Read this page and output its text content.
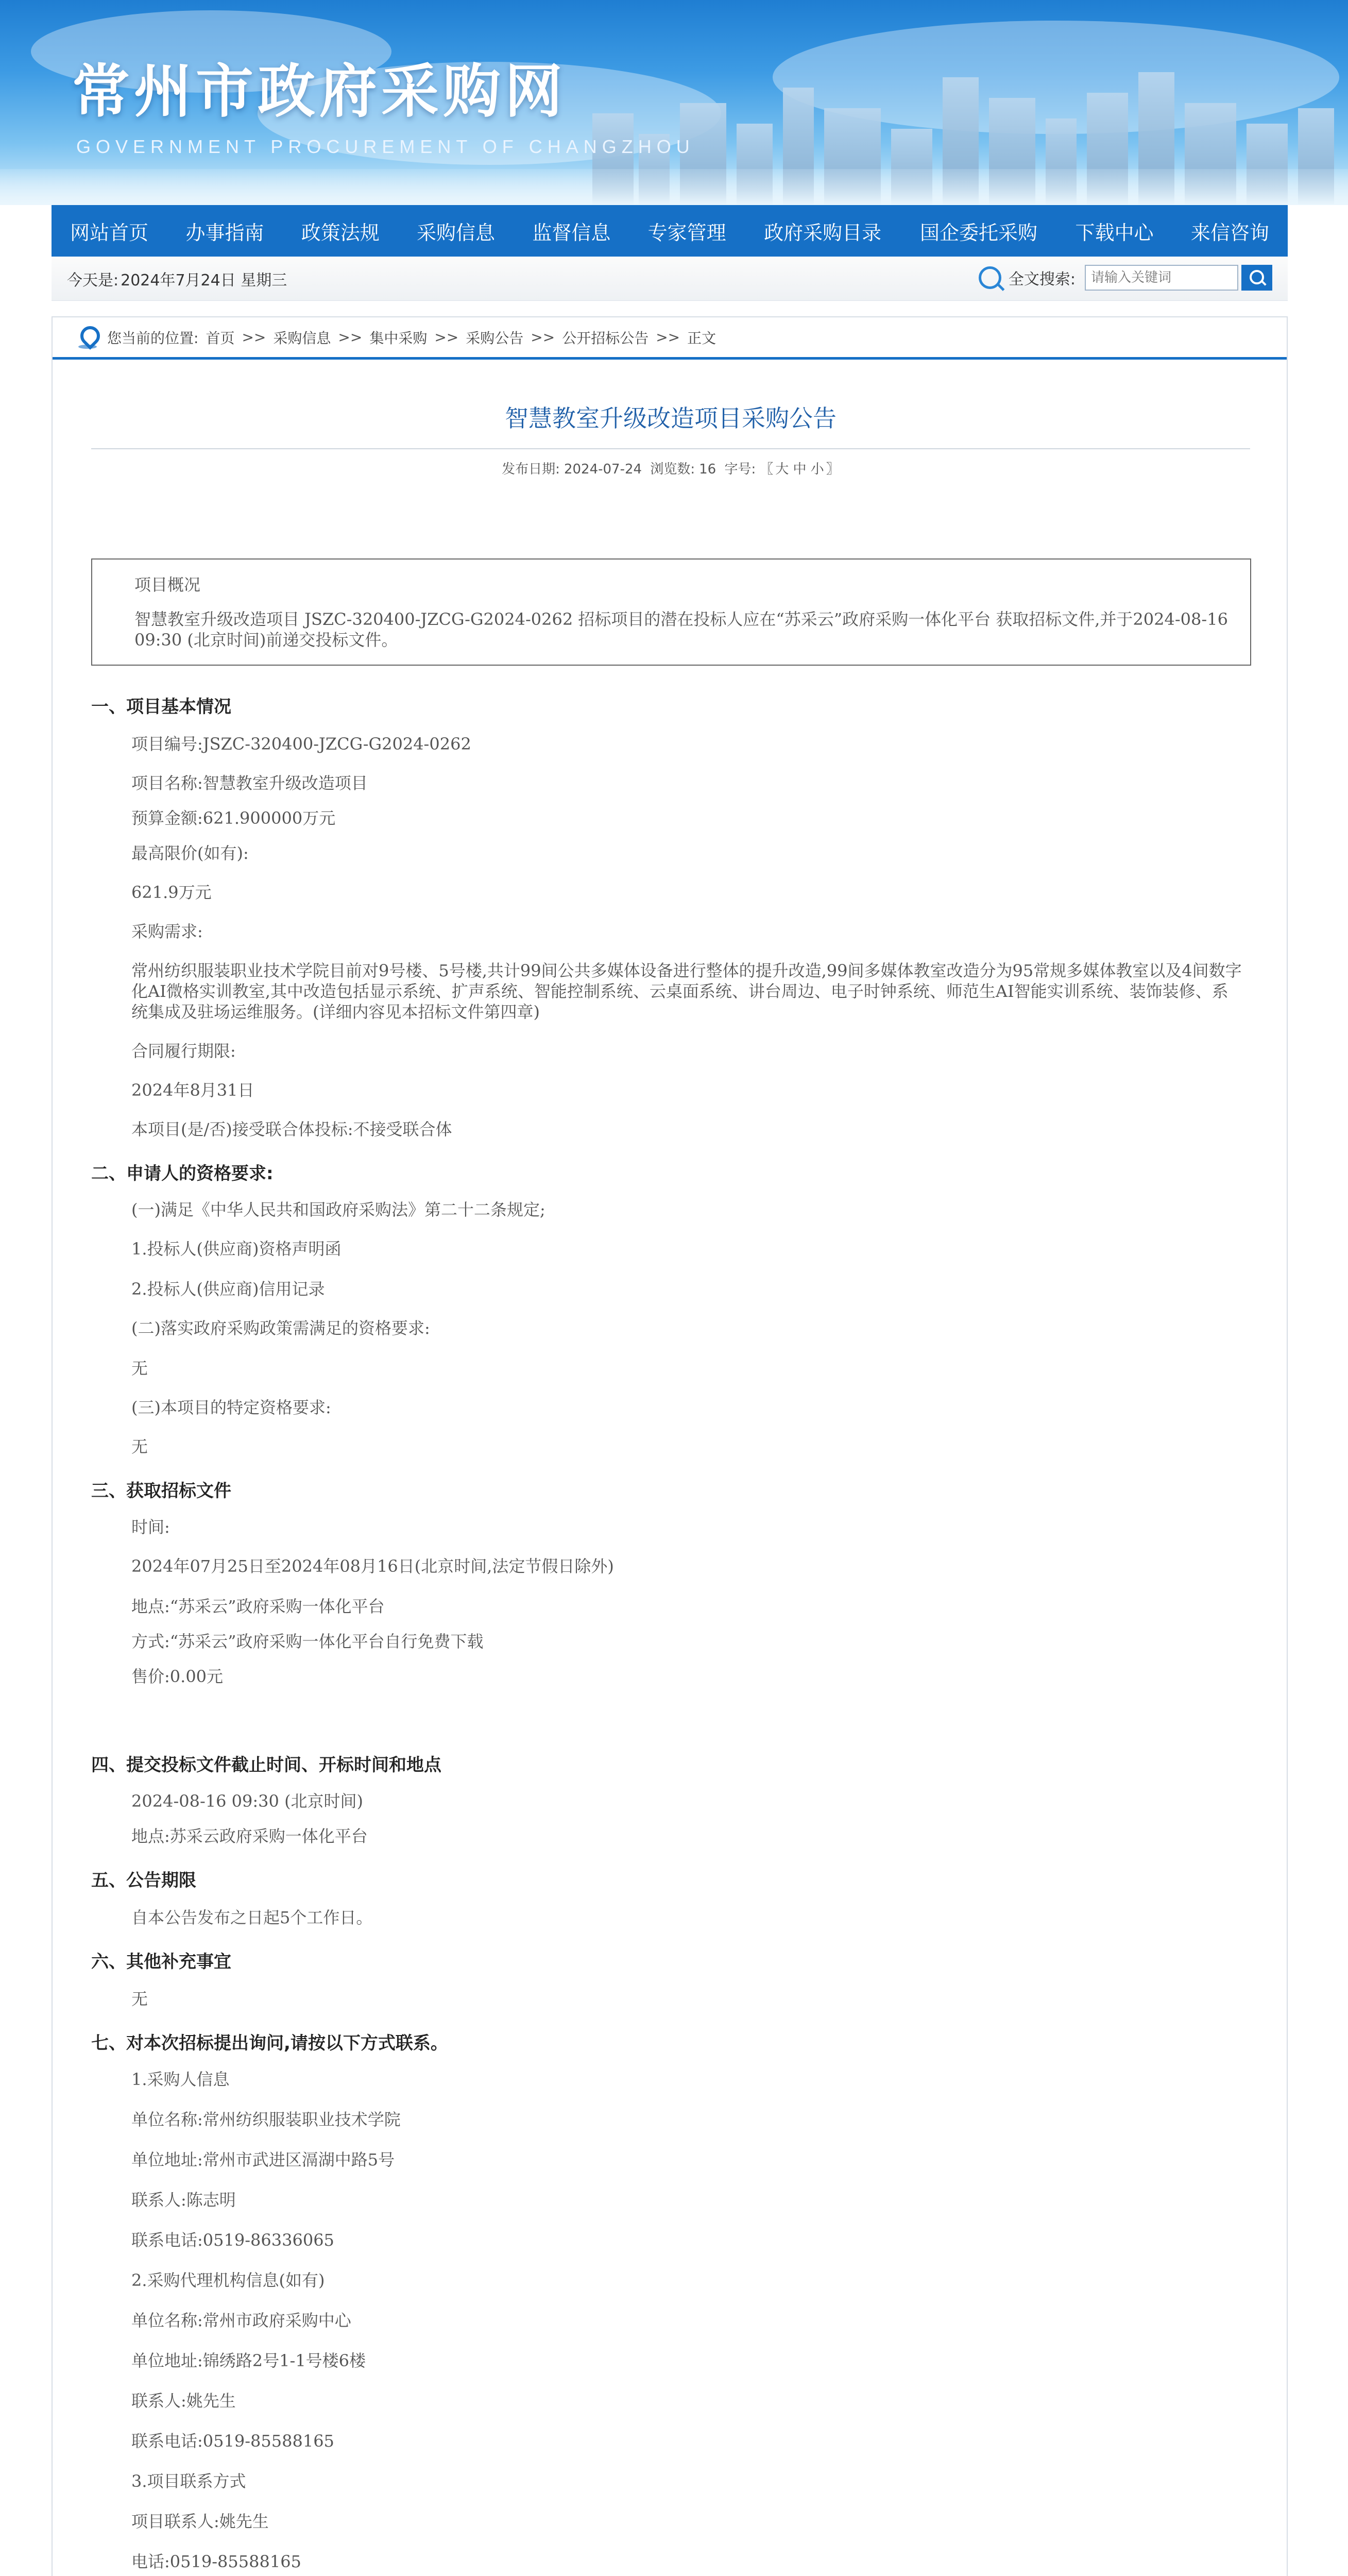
常州市政府采购网
GOVERNMENT PROCUREMENT OF CHANGZHOU
网站首页	办事指南	政策法规	采购信息	监督信息	专家管理	政府采购目录	国企委托采购	下载中心	来信咨询
今天是: 2024年7月24日 星期三	全文搜索:
请输入关键词
您当前的位置: 首页 >> 采购信息 >> 集中采购 >> 采购公告 >> 公开招标公告 >> 正文
智慧教室升级改造项目采购公告
发布日期: 2024-07-24 浏览数: 16 字号: 〖 大 中 小 〗
项目概况
智慧教室升级改造项目 JSZC-320400-JZCG-G2024-0262 招标项目的潜在投标人应在“苏采云”政府采购一体化平台 获取招标文件,并于2024-08-16 09:30 (北京时间)前递交投标文件。
一、项目基本情况
项目编号:JSZC-320400-JZCG-G2024-0262
项目名称:智慧教室升级改造项目
预算金额:621.900000万元
最高限价(如有):
621.9万元
采购需求:
常州纺织服装职业技术学院目前对9号楼、5号楼,共计99间公共多媒体设备进行整体的提升改造,99间多媒体教室改造分为95常规多媒体教室以及4间数字化AI微格实训教室,其中改造包括显示系统、扩声系统、智能控制系统、云桌面系统、讲台周边、电子时钟系统、师范生AI智能实训系统、装饰装修、系统集成及驻场运维服务。(详细内容见本招标文件第四章)
合同履行期限:
2024年8月31日
本项目(是/否)接受联合体投标:不接受联合体
二、申请人的资格要求:
(一)满足《中华人民共和国政府采购法》第二十二条规定;
1.投标人(供应商)资格声明函
2.投标人(供应商)信用记录
(二)落实政府采购政策需满足的资格要求:
无
(三)本项目的特定资格要求:
无
三、获取招标文件
时间:
2024年07月25日至2024年08月16日(北京时间,法定节假日除外)
地点:“苏采云”政府采购一体化平台
方式:“苏采云”政府采购一体化平台自行免费下载
售价:0.00元
四、提交投标文件截止时间、开标时间和地点
2024-08-16 09:30 (北京时间)
地点:苏采云政府采购一体化平台
五、公告期限
自本公告发布之日起5个工作日。
六、其他补充事宜
无
七、对本次招标提出询问,请按以下方式联系。
1.采购人信息
单位名称:常州纺织服装职业技术学院
单位地址:常州市武进区滆湖中路5号
联系人:陈志明
联系电话:0519-86336065
2.采购代理机构信息(如有)
单位名称:常州市政府采购中心
单位地址:锦绣路2号1-1号楼6楼
联系人:姚先生
联系电话:0519-85588165
3.项目联系方式
项目联系人:姚先生
电话:0519-85588165
